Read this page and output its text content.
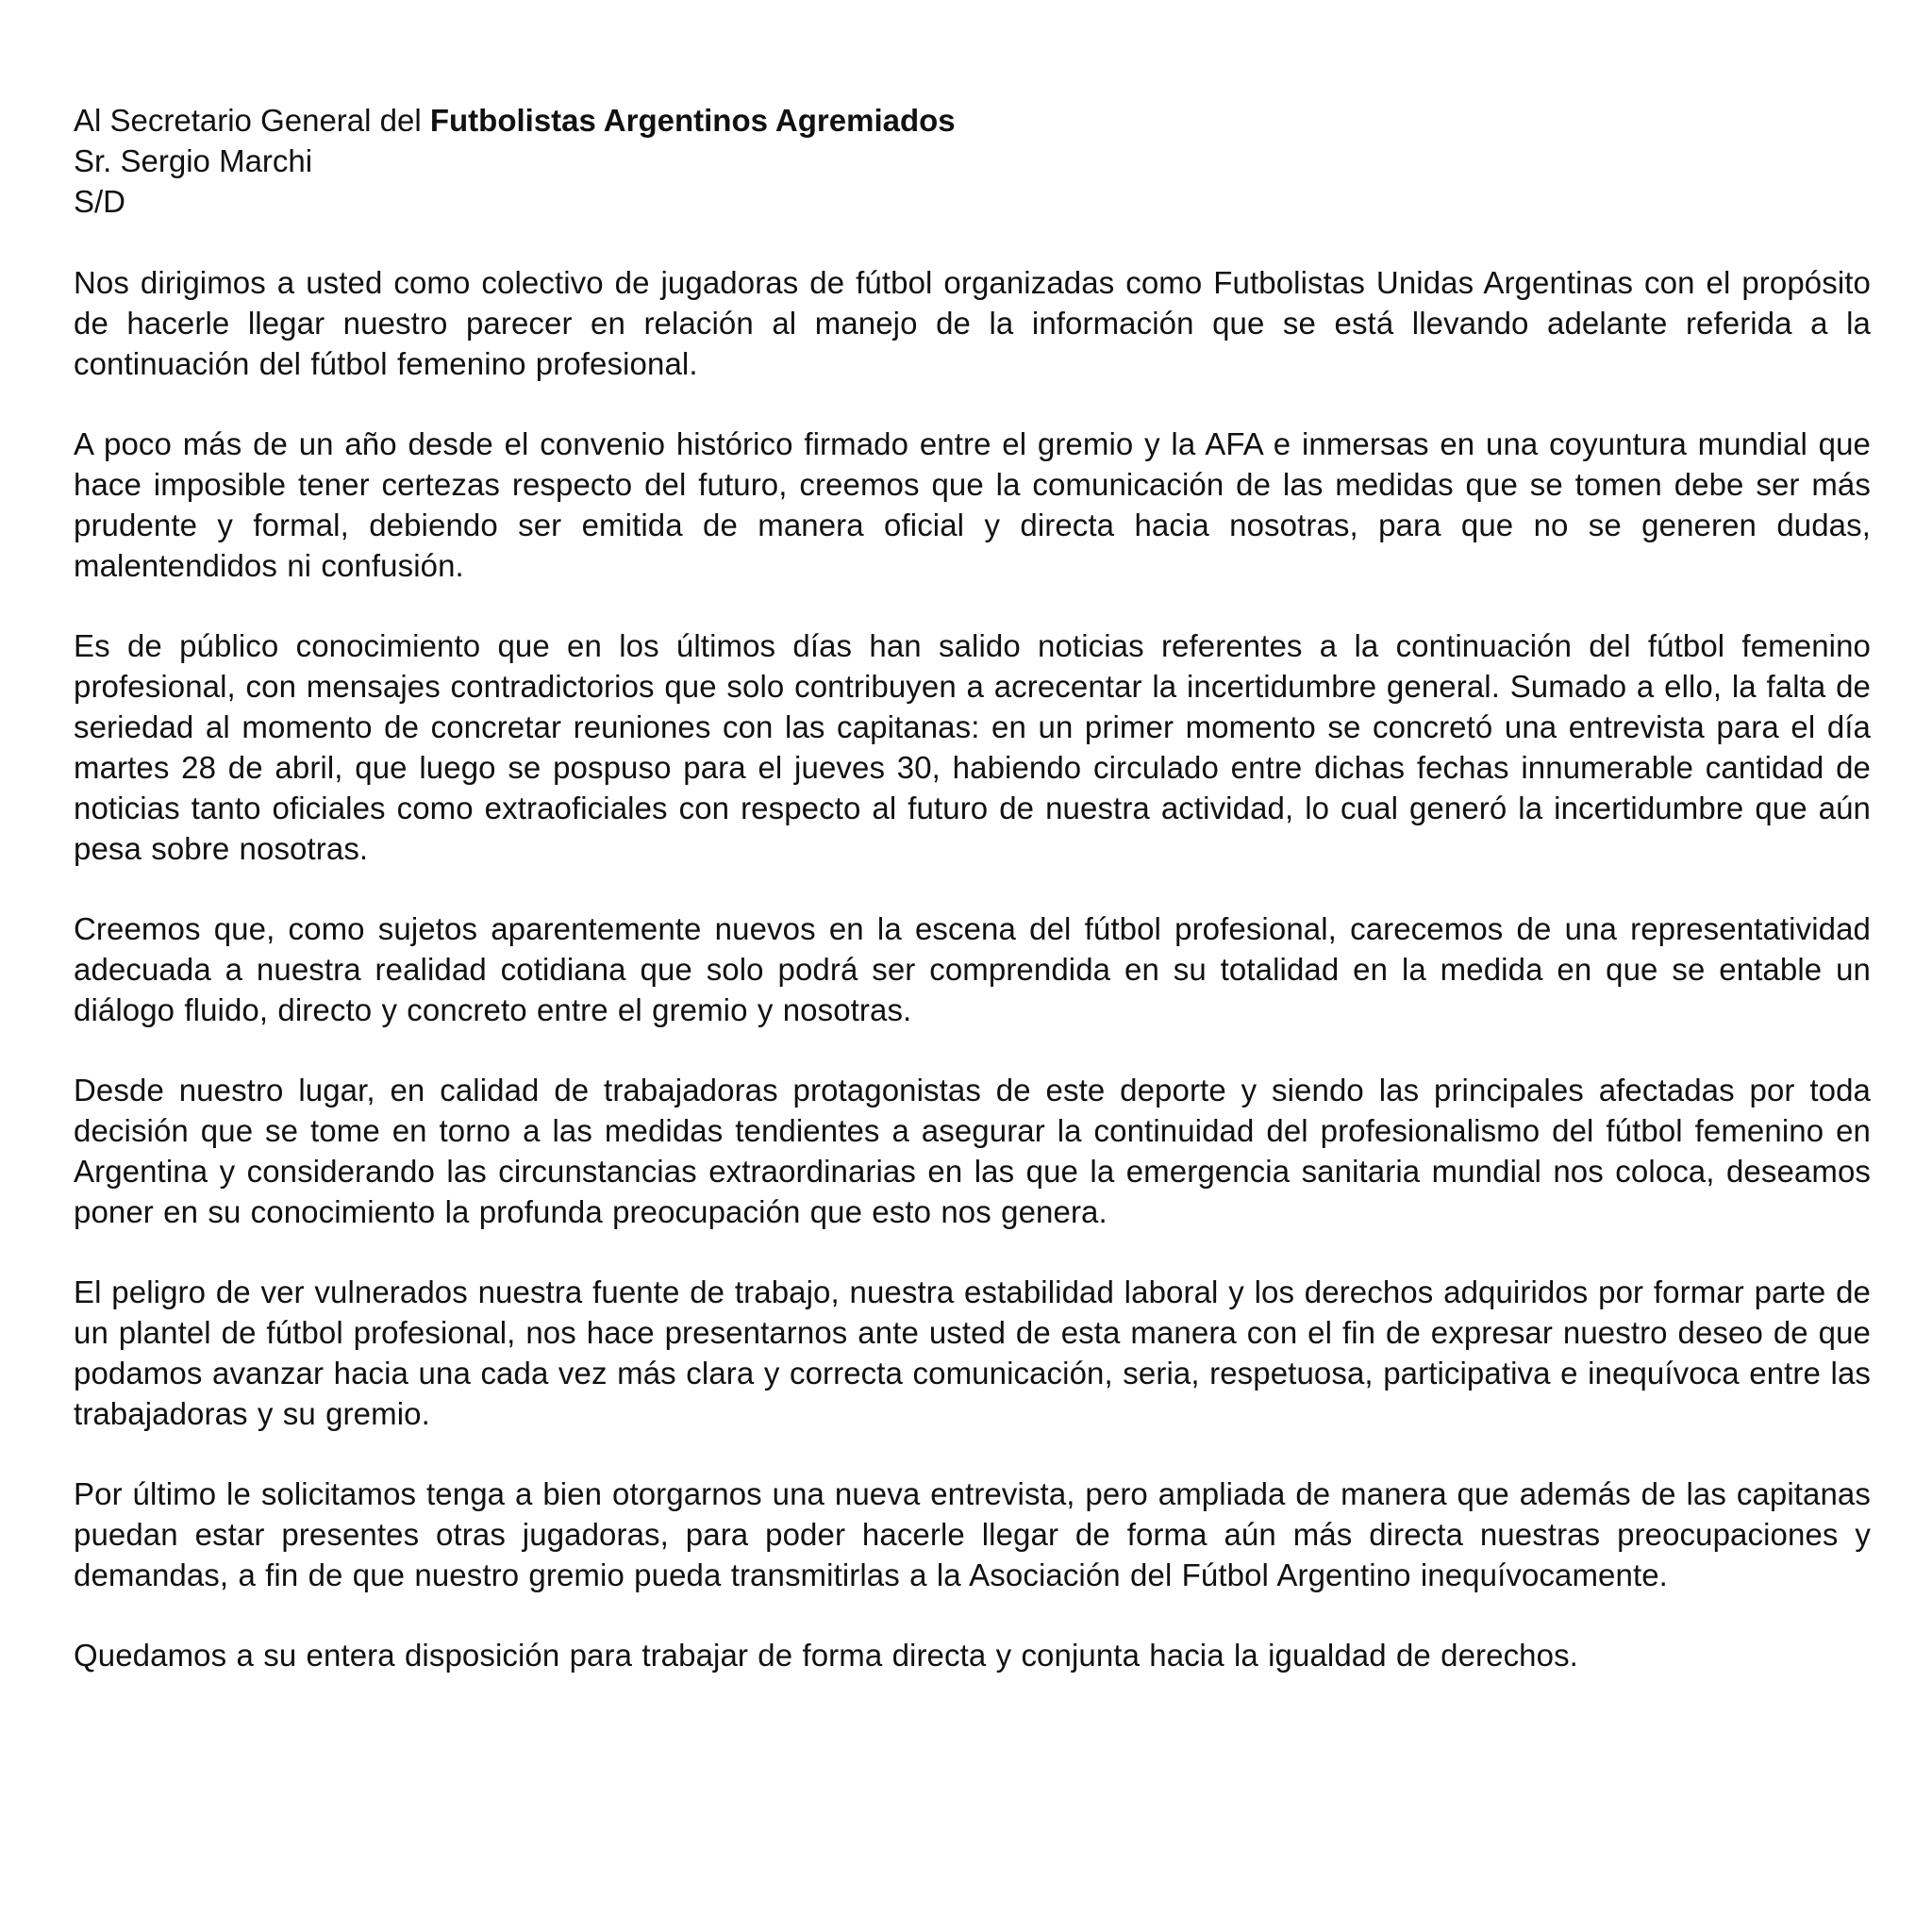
Al Secretario General del Futbolistas Argentinos Agremiados
Sr. Sergio Marchi
S/D

Nos dirigimos a usted como colectivo de jugadoras de fútbol organizadas como Futbolistas Unidas Argentinas con el propósito de hacerle llegar nuestro parecer en relación al manejo de la información que se está llevando adelante referida a la continuación del fútbol femenino profesional.

A poco más de un año desde el convenio histórico firmado entre el gremio y la AFA e inmersas en una coyuntura mundial que hace imposible tener certezas respecto del futuro, creemos que la comunicación de las medidas que se tomen debe ser más prudente y formal, debiendo ser emitida de manera oficial y directa hacia nosotras, para que no se generen dudas, malentendidos ni confusión.

Es de público conocimiento que en los últimos días han salido noticias referentes a la continuación del fútbol femenino profesional, con mensajes contradictorios que solo contribuyen a acrecentar la incertidumbre general. Sumado a ello, la falta de seriedad al momento de concretar reuniones con las capitanas: en un primer momento se concretó una entrevista para el día martes 28 de abril, que luego se pospuso para el jueves 30, habiendo circulado entre dichas fechas innumerable cantidad de noticias tanto oficiales como extraoficiales con respecto al futuro de nuestra actividad, lo cual generó la incertidumbre que aún pesa sobre nosotras.

Creemos que, como sujetos aparentemente nuevos en la escena del fútbol profesional, carecemos de una representatividad adecuada a nuestra realidad cotidiana que solo podrá ser comprendida en su totalidad en la medida en que se entable un diálogo fluido, directo y concreto entre el gremio y nosotras.

Desde nuestro lugar, en calidad de trabajadoras protagonistas de este deporte y siendo las principales afectadas por toda decisión que se tome en torno a las medidas tendientes a asegurar la continuidad del profesionalismo del fútbol femenino en Argentina y considerando las circunstancias extraordinarias en las que la emergencia sanitaria mundial nos coloca, deseamos poner en su conocimiento la profunda preocupación que esto nos genera.

El peligro de ver vulnerados nuestra fuente de trabajo, nuestra estabilidad laboral y los derechos adquiridos por formar parte de un plantel de fútbol profesional, nos hace presentarnos ante usted de esta manera con el fin de expresar nuestro deseo de que podamos avanzar hacia una cada vez más clara y correcta comunicación, seria, respetuosa, participativa e inequívoca entre las trabajadoras y su gremio.

Por último le solicitamos tenga a bien otorgarnos una nueva entrevista, pero ampliada de manera que además de las capitanas puedan estar presentes otras jugadoras, para poder hacerle llegar de forma aún más directa nuestras preocupaciones y demandas, a fin de que nuestro gremio pueda transmitirlas a la Asociación del Fútbol Argentino inequívocamente.

Quedamos a su entera disposición para trabajar de forma directa y conjunta hacia la igualdad de derechos.
